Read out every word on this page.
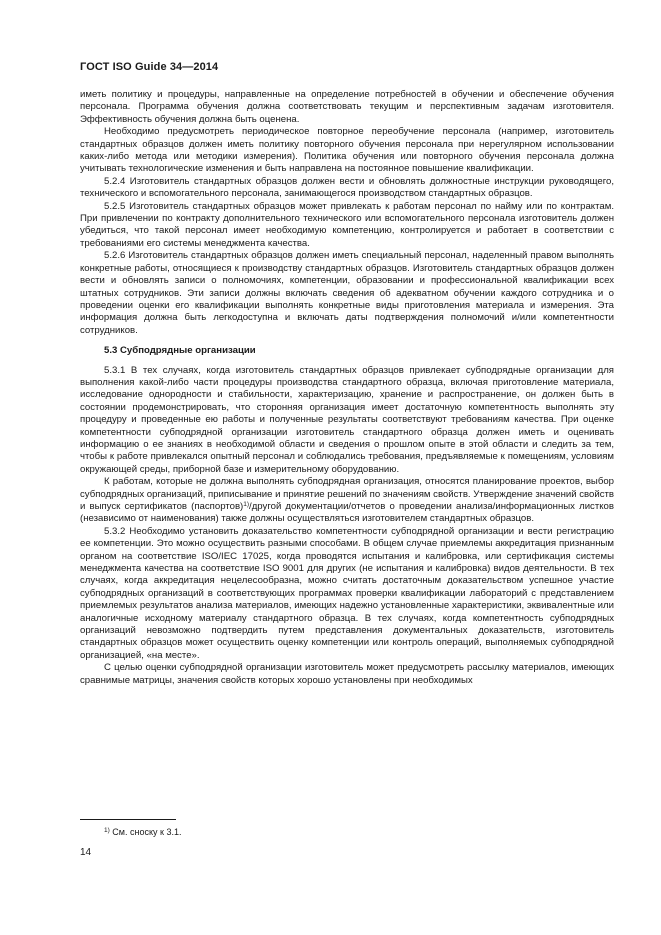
ГОСТ ISO Guide 34—2014

иметь политику и процедуры, направленные на определение потребностей в обучении и обеспечение обучения персонала. Программа обучения должна соответствовать текущим и перспективным задачам изготовителя. Эффективность обучения должна быть оценена.

Необходимо предусмотреть периодическое повторное переобучение персонала (например, изготовитель стандартных образцов должен иметь политику повторного обучения персонала при нерегулярном использовании каких-либо метода или методики измерения). Политика обучения или повторного обучения персонала должна учитывать технологические изменения и быть направлена на постоянное повышение квалификации.

5.2.4 Изготовитель стандартных образцов должен вести и обновлять должностные инструкции руководящего, технического и вспомогательного персонала, занимающегося производством стандартных образцов.

5.2.5 Изготовитель стандартных образцов может привлекать к работам персонал по найму или по контрактам. При привлечении по контракту дополнительного технического или вспомогательного персонала изготовитель должен убедиться, что такой персонал имеет необходимую компетенцию, контролируется и работает в соответствии с требованиями его системы менеджмента качества.

5.2.6 Изготовитель стандартных образцов должен иметь специальный персонал, наделенный правом выполнять конкретные работы, относящиеся к производству стандартных образцов. Изготовитель стандартных образцов должен вести и обновлять записи о полномочиях, компетенции, образовании и профессиональной квалификации всех штатных сотрудников. Эти записи должны включать сведения об адекватном обучении каждого сотрудника и о проведении оценки его квалификации выполнять конкретные виды приготовления материала и измерения. Эта информация должна быть легкодоступна и включать даты подтверждения полномочий и/или компетентности сотрудников.

5.3 Субподрядные организации

5.3.1 В тех случаях, когда изготовитель стандартных образцов привлекает субподрядные организации для выполнения какой-либо части процедуры производства стандартного образца, включая приготовление материала, исследование однородности и стабильности, характеризацию, хранение и распространение, он должен быть в состоянии продемонстрировать, что сторонняя организация имеет достаточную компетентность выполнять эту процедуру и проведенные ею работы и полученные результаты соответствуют требованиям качества. При оценке компетентности субподрядной организации изготовитель стандартного образца должен иметь и оценивать информацию о ее знаниях в необходимой области и сведения о прошлом опыте в этой области и следить за тем, чтобы к работе привлекался опытный персонал и соблюдались требования, предъявляемые к помещениям, условиям окружающей среды, приборной базе и измерительному оборудованию.

К работам, которые не должна выполнять субподрядная организация, относятся планирование проектов, выбор субподрядных организаций, приписывание и принятие решений по значениям свойств. Утверждение значений свойств и выпуск сертификатов (паспортов)$^{1)}$/другой документации/отчетов о проведении анализа/информационных листков (независимо от наименования) также должны осуществляться изготовителем стандартных образцов.

5.3.2 Необходимо установить доказательство компетентности субподрядной организации и вести регистрацию ее компетенции. Это можно осуществить разными способами. В общем случае приемлемы аккредитация признанным органом на соответствие ISO/IEC 17025, когда проводятся испытания и калибровка, или сертификация системы менеджмента качества на соответствие ISO 9001 для других (не испытания и калибровка) видов деятельности. В тех случаях, когда аккредитация нецелесообразна, можно считать достаточным доказательством успешное участие субподрядных организаций в соответствующих программах проверки квалификации лабораторий с представлением приемлемых результатов анализа материалов, имеющих надежно установленные характеристики, эквивалентные или аналогичные исходному материалу стандартного образца. В тех случаях, когда компетентность субподрядных организаций невозможно подтвердить путем представления документальных доказательств, изготовитель стандартных образцов может осуществить оценку компетенции или контроль операций, выполняемых субподрядной организацией, «на месте».

С целью оценки субподрядной организации изготовитель может предусмотреть рассылку материалов, имеющих сравнимые матрицы, значения свойств которых хорошо установлены при необходимых

$^{1)}$ См. сноску к 3.1.
14
